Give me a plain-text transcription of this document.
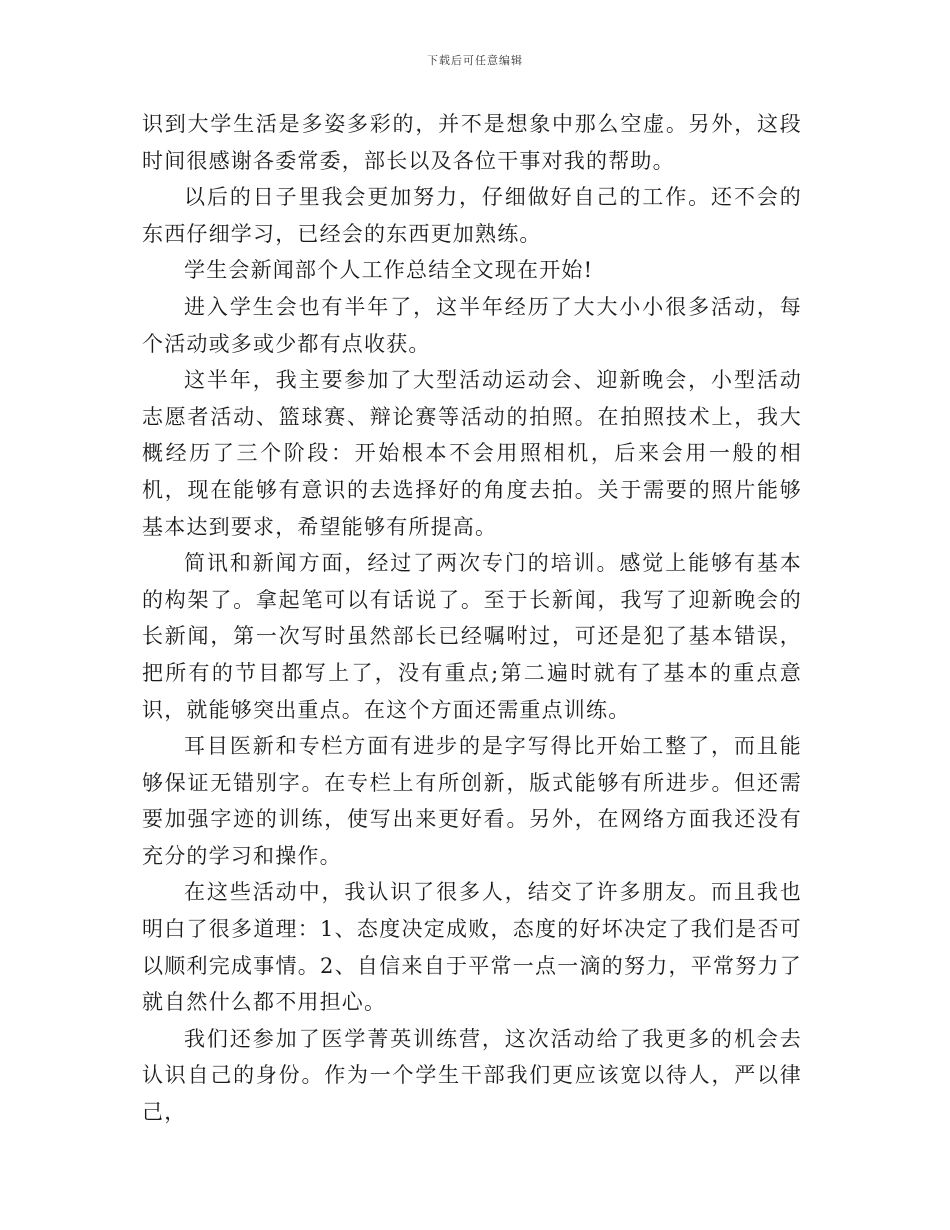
下载后可任意编辑

识到大学生活是多姿多彩的，并不是想象中那么空虚。另外，这段时间很感谢各委常委，部长以及各位干事对我的帮助。

以后的日子里我会更加努力，仔细做好自己的工作。还不会的东西仔细学习，已经会的东西更加熟练。

学生会新闻部个人工作总结全文现在开始!

进入学生会也有半年了，这半年经历了大大小小很多活动，每个活动或多或少都有点收获。

这半年，我主要参加了大型活动运动会、迎新晚会，小型活动志愿者活动、篮球赛、辩论赛等活动的拍照。在拍照技术上，我大概经历了三个阶段：开始根本不会用照相机，后来会用一般的相机，现在能够有意识的去选择好的角度去拍。关于需要的照片能够基本达到要求，希望能够有所提高。

简讯和新闻方面，经过了两次专门的培训。感觉上能够有基本的构架了。拿起笔可以有话说了。至于长新闻，我写了迎新晚会的长新闻，第一次写时虽然部长已经嘱咐过，可还是犯了基本错误，把所有的节目都写上了，没有重点;第二遍时就有了基本的重点意识，就能够突出重点。在这个方面还需重点训练。

耳目医新和专栏方面有进步的是字写得比开始工整了，而且能够保证无错别字。在专栏上有所创新，版式能够有所进步。但还需要加强字迹的训练，使写出来更好看。另外，在网络方面我还没有充分的学习和操作。

在这些活动中，我认识了很多人，结交了许多朋友。而且我也明白了很多道理：1、态度决定成败，态度的好坏决定了我们是否可以顺利完成事情。2、自信来自于平常一点一滴的努力，平常努力了就自然什么都不用担心。

我们还参加了医学菁英训练营，这次活动给了我更多的机会去认识自己的身份。作为一个学生干部我们更应该宽以待人，严以律己，
